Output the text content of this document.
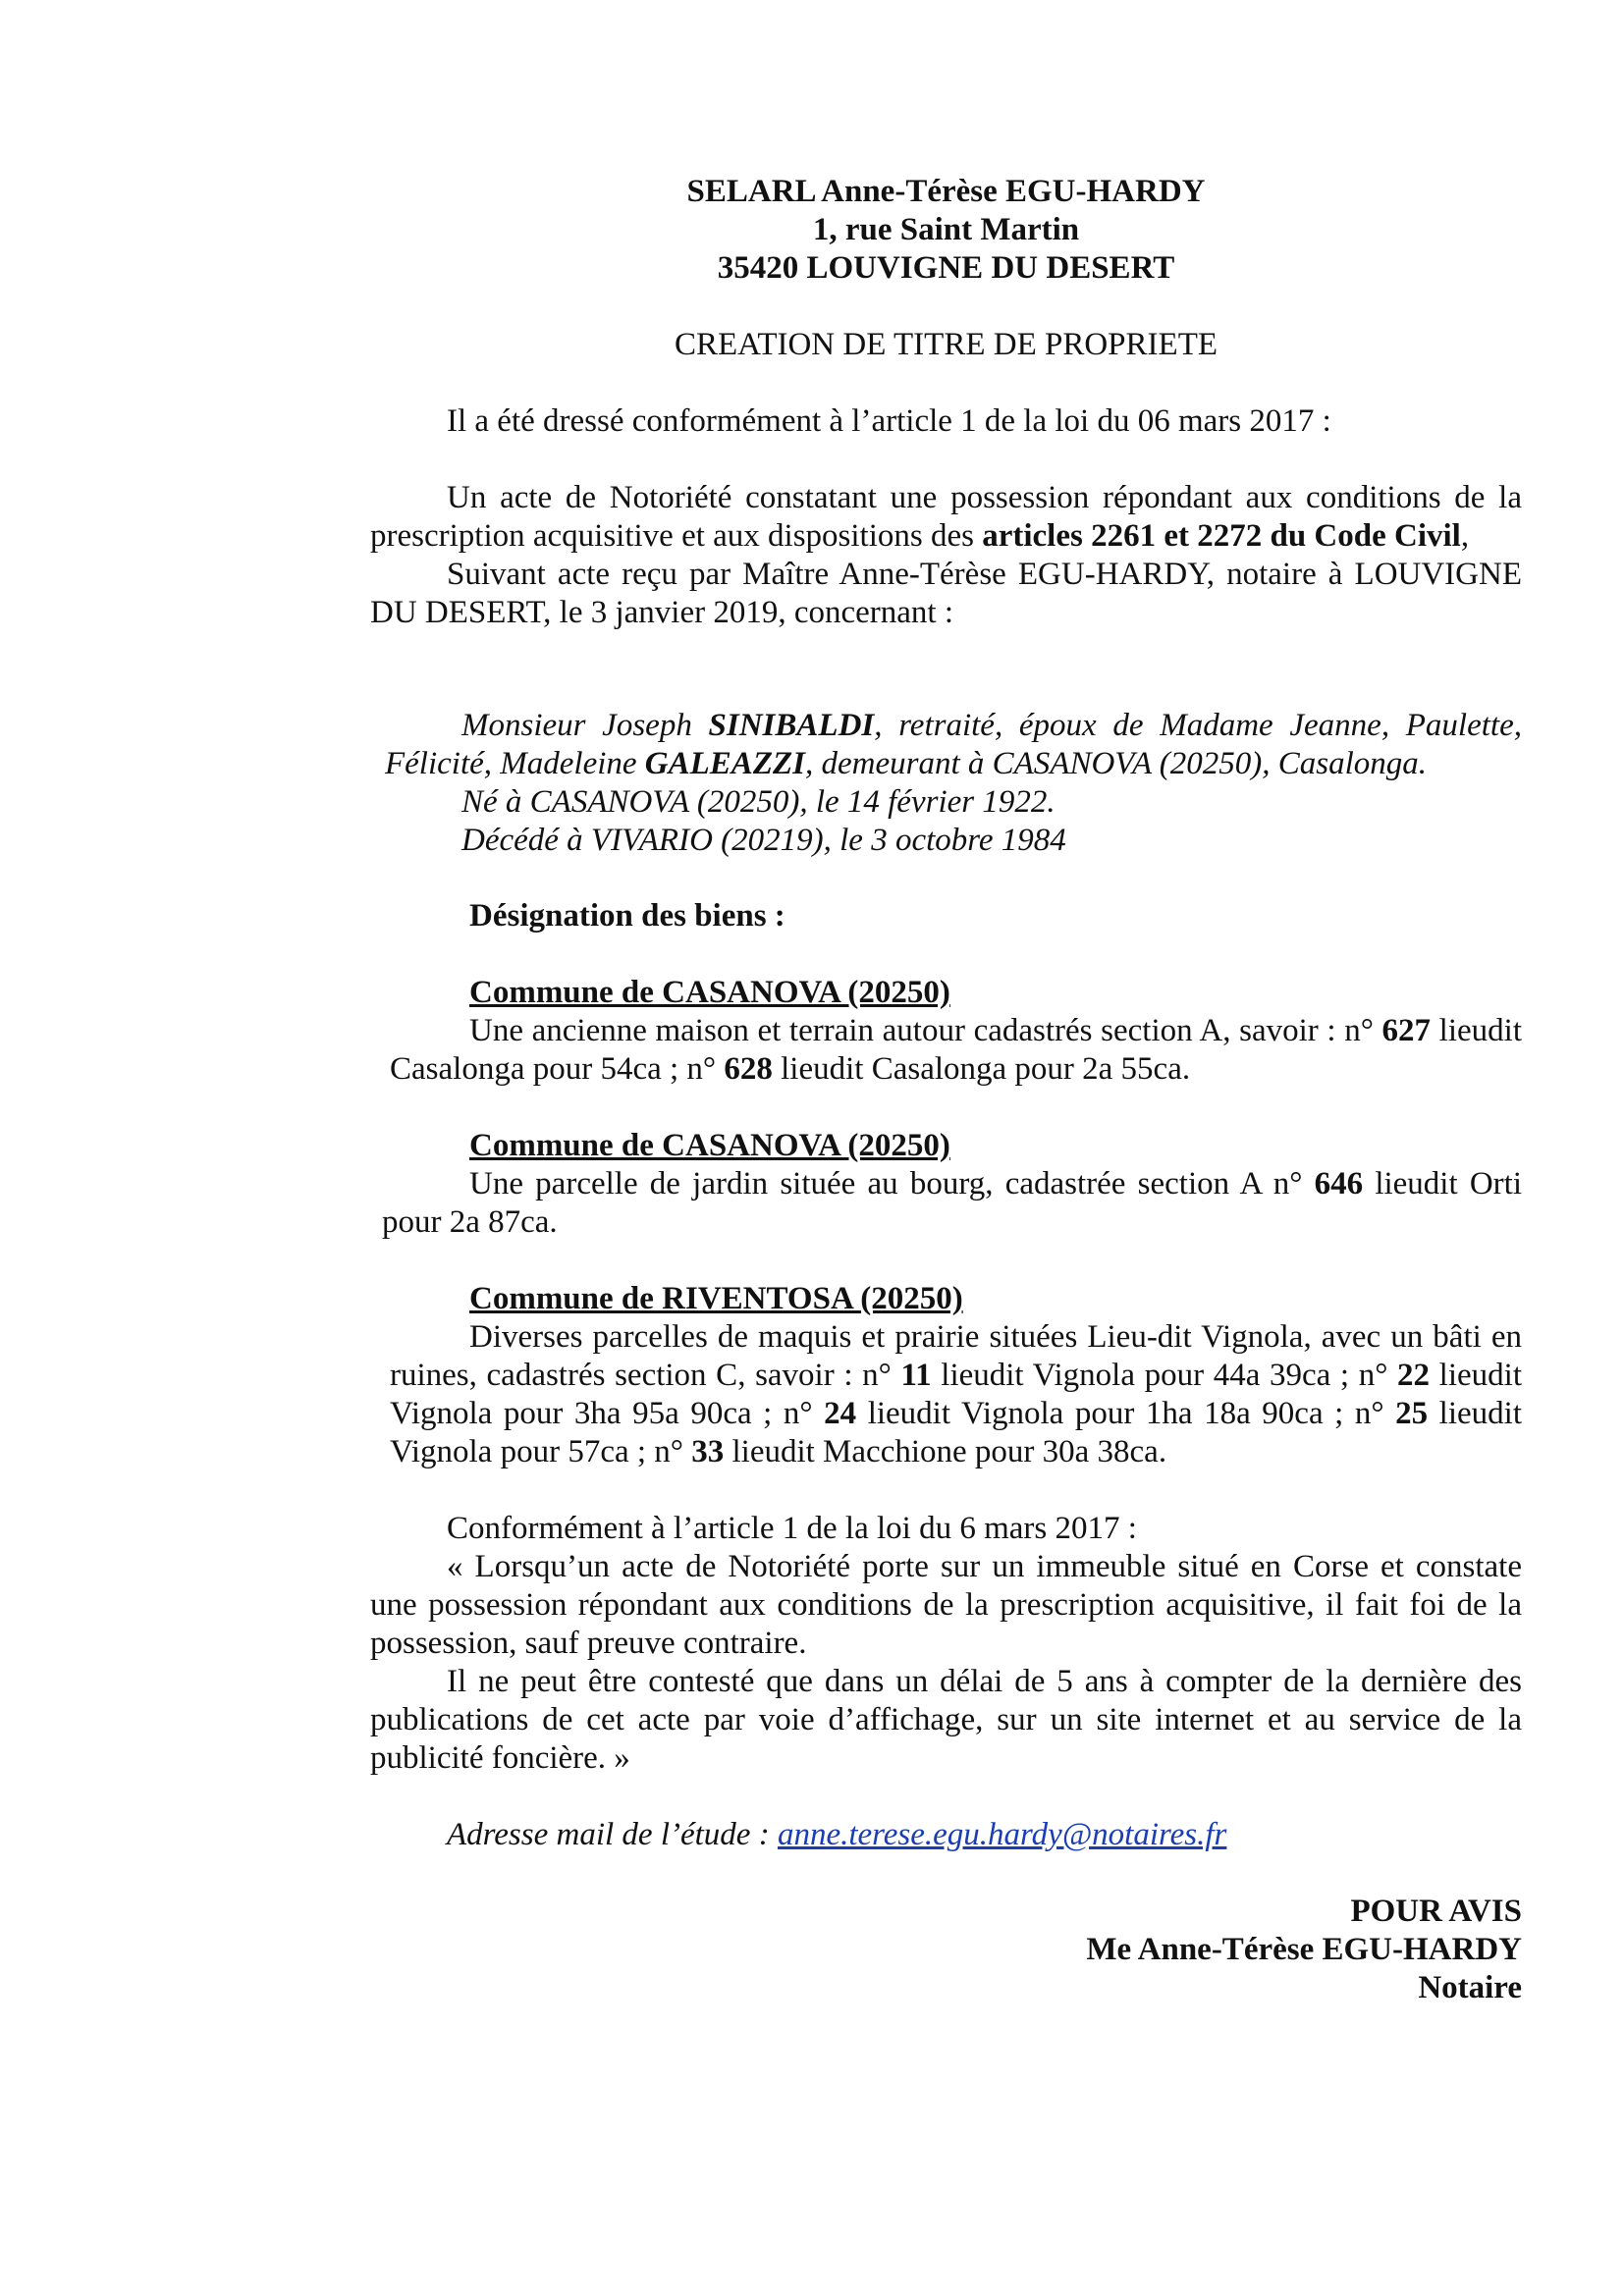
SELARL Anne-Térèse EGU-HARDY
1, rue Saint Martin
35420 LOUVIGNE DU DESERT
CREATION DE TITRE DE PROPRIETE
Il a été dressé conformément à l’article 1 de la loi du 06 mars 2017 :

Un acte de Notoriété constatant une possession répondant aux conditions de la prescription acquisitive et aux dispositions des articles 2261 et 2272 du Code Civil,

Suivant acte reçu par Maître Anne-Térèse EGU-HARDY, notaire à LOUVIGNE DU DESERT, le 3 janvier 2019, concernant :

Monsieur Joseph SINIBALDI, retraité, époux de Madame Jeanne, Paulette, Félicité, Madeleine GALEAZZI, demeurant à CASANOVA (20250), Casalonga.

Né à CASANOVA (20250), le 14 février 1922.

Décédé à VIVARIO (20219), le 3 octobre 1984

Désignation des biens :

Commune de CASANOVA (20250)

Une ancienne maison et terrain autour cadastrés section A, savoir : n° 627 lieudit Casalonga pour 54ca ; n° 628 lieudit Casalonga pour 2a 55ca.

Commune de CASANOVA (20250)

Une parcelle de jardin située au bourg, cadastrée section A n° 646 lieudit Orti pour 2a 87ca.

Commune de RIVENTOSA (20250)

Diverses parcelles de maquis et prairie situées Lieu-dit Vignola, avec un bâti en ruines, cadastrés section C, savoir : n° 11 lieudit Vignola pour 44a 39ca ; n° 22 lieudit Vignola pour 3ha 95a 90ca ; n° 24 lieudit Vignola pour 1ha 18a 90ca ; n° 25 lieudit Vignola pour 57ca ; n° 33 lieudit Macchione pour 30a 38ca.

Conformément à l’article 1 de la loi du 6 mars 2017 :

« Lorsqu’un acte de Notoriété porte sur un immeuble situé en Corse et constate une possession répondant aux conditions de la prescription acquisitive, il fait foi de la possession, sauf preuve contraire.

Il ne peut être contesté que dans un délai de 5 ans à compter de la dernière des publications de cet acte par voie d’affichage, sur un site internet et au service de la publicité foncière. »

Adresse mail de l’étude : anne.terese.egu.hardy@notaires.fr
POUR AVIS
Me Anne-Térèse EGU-HARDY
Notaire
